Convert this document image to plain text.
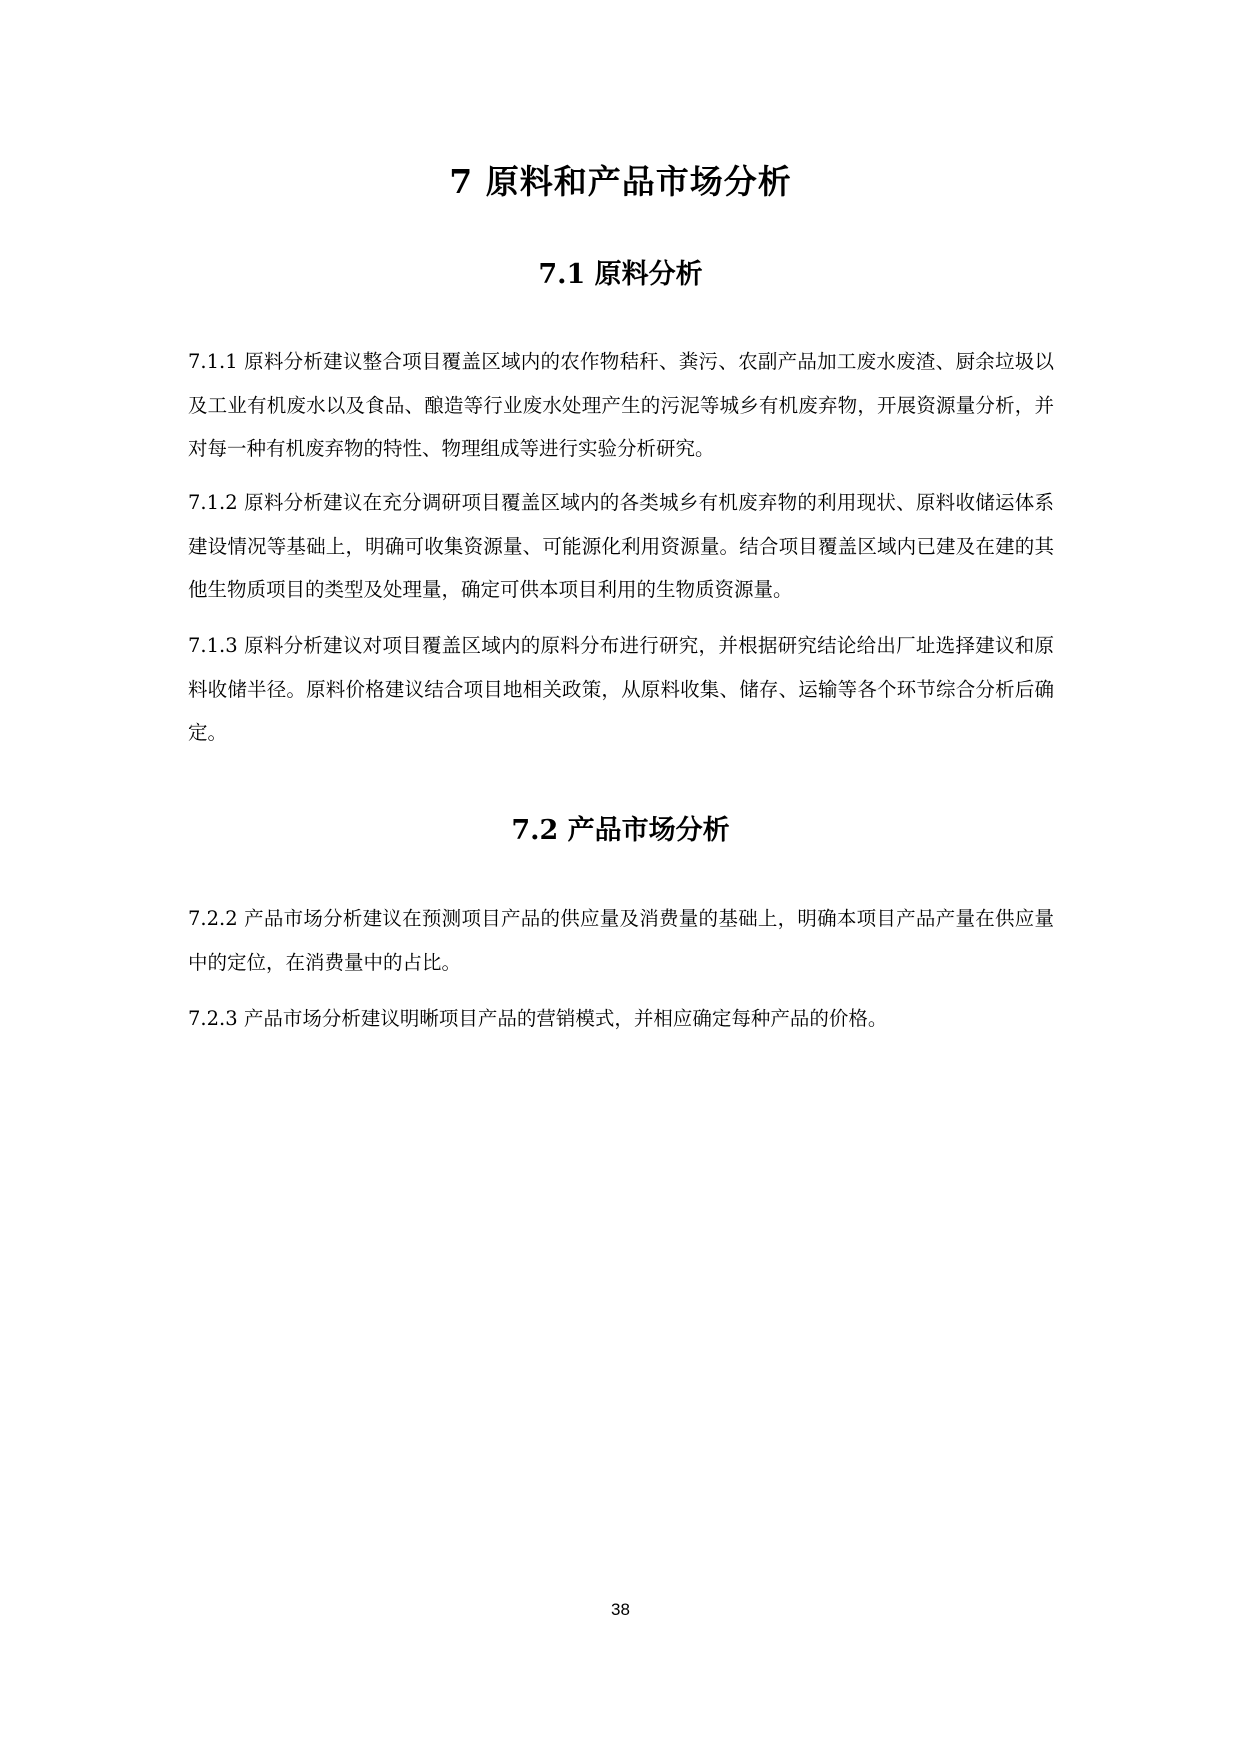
7 原料和产品市场分析
7.1 原料分析

7.1.1 原料分析建议整合项目覆盖区域内的农作物秸秆、粪污、农副产品加工废水废渣、厨余垃圾以及工业有机废水以及食品、酿造等行业废水处理产生的污泥等城乡有机废弃物，开展资源量分析，并对每一种有机废弃物的特性、物理组成等进行实验分析研究。

7.1.2 原料分析建议在充分调研项目覆盖区域内的各类城乡有机废弃物的利用现状、原料收储运体系建设情况等基础上，明确可收集资源量、可能源化利用资源量。结合项目覆盖区域内已建及在建的其他生物质项目的类型及处理量，确定可供本项目利用的生物质资源量。

7.1.3 原料分析建议对项目覆盖区域内的原料分布进行研究，并根据研究结论给出厂址选择建议和原料收储半径。原料价格建议结合项目地相关政策，从原料收集、储存、运输等各个环节综合分析后确定。

7.2 产品市场分析

7.2.2 产品市场分析建议在预测项目产品的供应量及消费量的基础上，明确本项目产品产量在供应量中的定位，在消费量中的占比。

7.2.3 产品市场分析建议明晰项目产品的营销模式，并相应确定每种产品的价格。

38
